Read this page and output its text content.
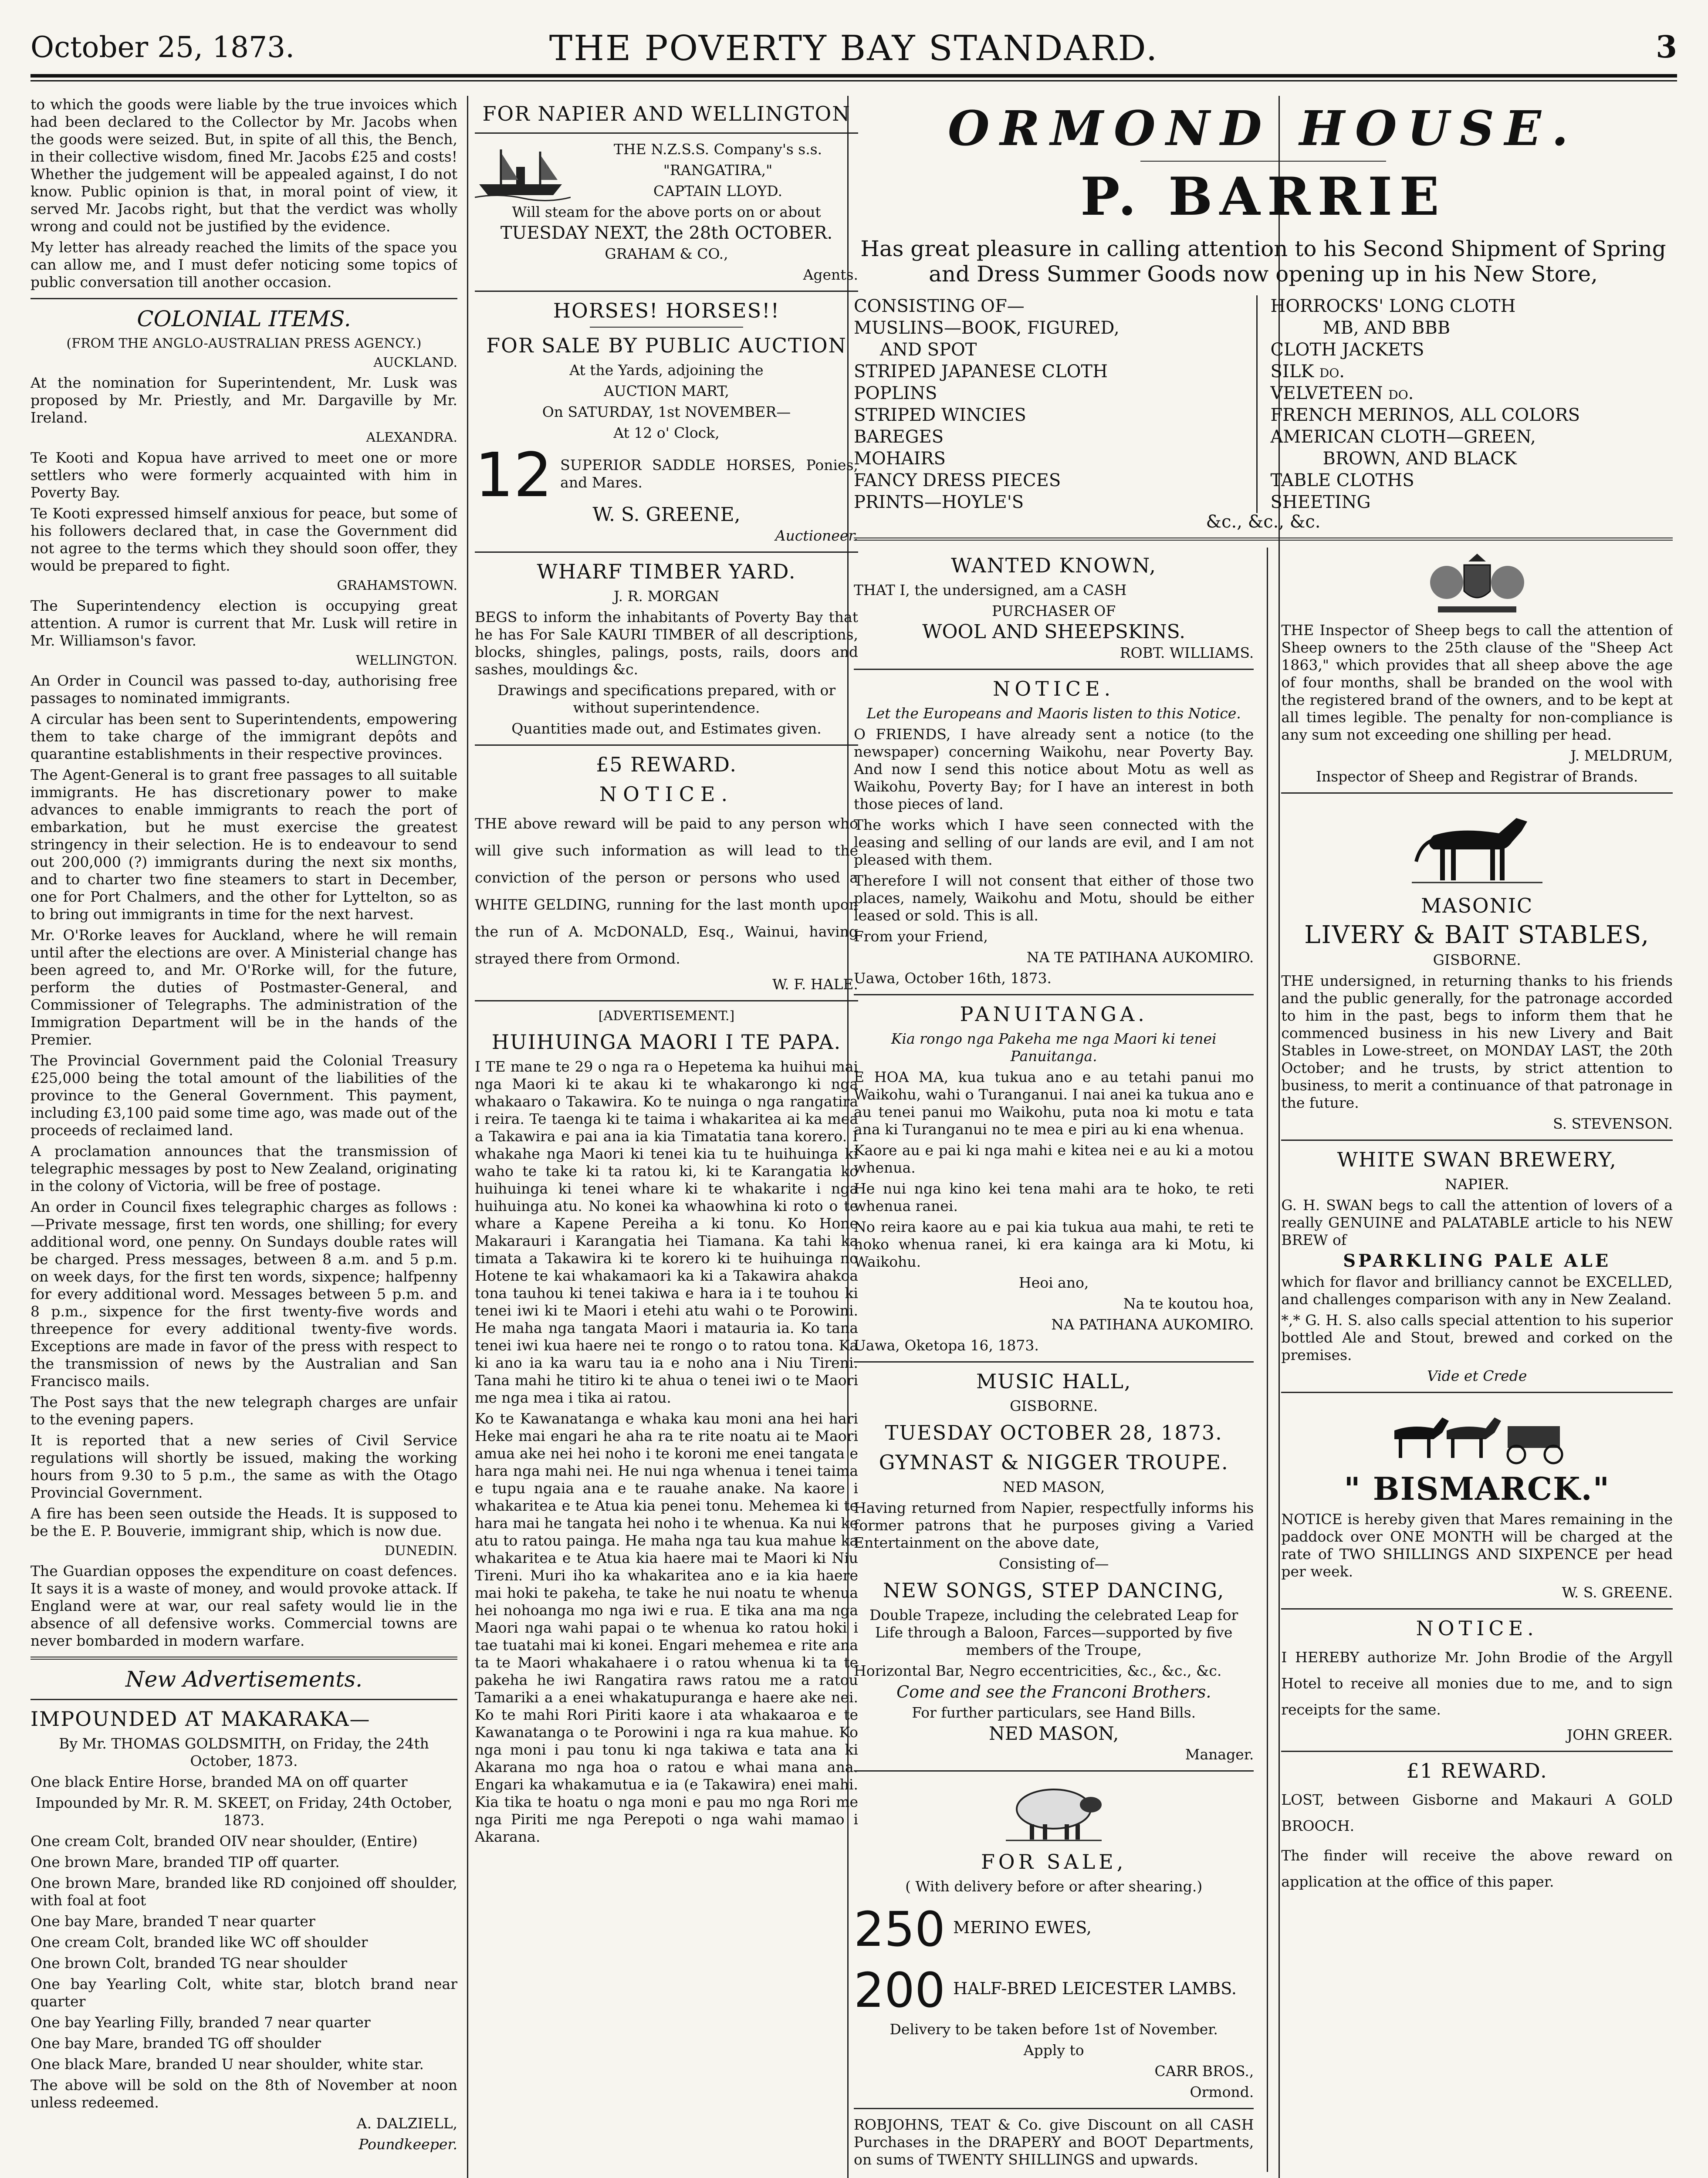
October 25, 1873.	THE POVERTY BAY STANDARD.	3

to which the goods were liable by the true invoices which had been declared to the Collector by Mr. Jacobs when the goods were seized. But, in spite of all this, the Bench, in their collective wisdom, fined Mr. Jacobs £25 and costs! Whether the judgement will be appealed against, I do not know. Public opinion is that, in moral point of view, it served Mr. Jacobs right, but that the verdict was wholly wrong and could not be justified by the evidence.

My letter has already reached the limits of the space you can allow me, and I must defer noticing some topics of public conversation till another occasion.

COLONIAL ITEMS.

(FROM THE ANGLO-AUSTRALIAN PRESS AGENCY.)

AUCKLAND.

At the nomination for Superintendent, Mr. Lusk was proposed by Mr. Priestly, and Mr. Dargaville by Mr. Ireland.

ALEXANDRA.

Te Kooti and Kopua have arrived to meet one or more settlers who were formerly acquainted with him in Poverty Bay.

Te Kooti expressed himself anxious for peace, but some of his followers declared that, in case the Government did not agree to the terms which they should soon offer, they would be prepared to fight.

GRAHAMSTOWN.

The Superintendency election is occupying great attention. A rumor is current that Mr. Lusk will retire in Mr. Williamson's favor.

WELLINGTON.

An Order in Council was passed to-day, authorising free passages to nominated immigrants.

A circular has been sent to Superintendents, empowering them to take charge of the immigrant depôts and quarantine establishments in their respective provinces.

The Agent-General is to grant free passages to all suitable immigrants. He has discretionary power to make advances to enable immigrants to reach the port of embarkation, but he must exercise the greatest stringency in their selection. He is to endeavour to send out 200,000 (?) immigrants during the next six months, and to charter two fine steamers to start in December, one for Port Chalmers, and the other for Lyttelton, so as to bring out immigrants in time for the next harvest.

Mr. O'Rorke leaves for Auckland, where he will remain until after the elections are over. A Ministerial change has been agreed to, and Mr. O'Rorke will, for the future, perform the duties of Postmaster-General, and Commissioner of Telegraphs. The administration of the Immigration Department will be in the hands of the Premier.

The Provincial Government paid the Colonial Treasury £25,000 being the total amount of the liabilities of the province to the General Government. This payment, including £3,100 paid some time ago, was made out of the proceeds of reclaimed land.

A proclamation announces that the transmission of telegraphic messages by post to New Zealand, originating in the colony of Victoria, will be free of postage.

An order in Council fixes telegraphic charges as follows :—Private message, first ten words, one shilling; for every additional word, one penny. On Sundays double rates will be charged. Press messages, between 8 a.m. and 5 p.m. on week days, for the first ten words, sixpence; halfpenny for every additional word. Messages between 5 p.m. and 8 p.m., sixpence for the first twenty-five words and threepence for every additional twenty-five words. Exceptions are made in favor of the press with respect to the transmission of news by the Australian and San Francisco mails.

The Post says that the new telegraph charges are unfair to the evening papers.

It is reported that a new series of Civil Service regulations will shortly be issued, making the working hours from 9.30 to 5 p.m., the same as with the Otago Provincial Government.

A fire has been seen outside the Heads. It is supposed to be the E. P. Bouverie, immigrant ship, which is now due.

DUNEDIN.

The Guardian opposes the expenditure on coast defences. It says it is a waste of money, and would provoke attack. If England were at war, our real safety would lie in the absence of all defensive works. Commercial towns are never bombarded in modern warfare.

New Advertisements.
IMPOUNDED AT MAKARAKA—

By Mr. THOMAS GOLDSMITH, on Friday, the 24th October, 1873.

One black Entire Horse, branded MA on off quarter

Impounded by Mr. R. M. SKEET, on Friday, 24th October, 1873.

One cream Colt, branded OIV near shoulder, (Entire)

One brown Mare, branded TIP off quarter.

One brown Mare, branded like RD conjoined off shoulder, with foal at foot

One bay Mare, branded T near quarter

One cream Colt, branded like WC off shoulder

One brown Colt, branded TG near shoulder

One bay Yearling Colt, white star, blotch brand near quarter

One bay Yearling Filly, branded 7 near quarter

One bay Mare, branded TG off shoulder

One black Mare, branded U near shoulder, white star.

The above will be sold on the 8th of November at noon unless redeemed.

A. DALZIELL,

Poundkeeper.

FOR NAPIER AND WELLINGTON

THE N.Z.S.S. Company's s.s.

"RANGATIRA,"

CAPTAIN LLOYD.

Will steam for the above ports on or about

TUESDAY NEXT, the 28th OCTOBER.

GRAHAM & CO.,

Agents.

HORSES! HORSES!!
FOR SALE BY PUBLIC AUCTION

At the Yards, adjoining the

AUCTION MART,

On SATURDAY, 1st NOVEMBER—

At 12 o' Clock,

12 SUPERIOR SADDLE HORSES, Ponies, and Mares.

W. S. GREENE,

Auctioneer.

WHARF TIMBER YARD.

J. R. MORGAN

BEGS to inform the inhabitants of Poverty Bay that he has For Sale KAURI TIMBER of all descriptions, blocks, shingles, palings, posts, rails, doors and sashes, mouldings &c.

Drawings and specifications prepared, with or without superintendence.

Quantities made out, and Estimates given.

£5 REWARD.
NOTICE.

THE above reward will be paid to any person who will give such information as will lead to the conviction of the person or persons who used a WHITE GELDING, running for the last month upon the run of A. McDONALD, Esq., Wainui, having strayed there from Ormond.

W. F. HALE.

[ADVERTISEMENT.]

HUIHUINGA MAORI I TE PAPA.

I TE mane te 29 o nga ra o Hepetema ka huihui mai nga Maori ki te akau ki te whakarongo ki nga whakaaro o Takawira. Ko te nuinga o nga rangatira i reira. Te taenga ki te taima i whakaritea ai ka mea a Takawira e pai ana ia kia Timatatia tana korero. I whakahe nga Maori ki tenei kia tu te huihuinga ki waho te take ki ta ratou ki, ki te Karangatia ko huihuinga ki tenei whare ki te whakarite i nga huihuinga atu. No konei ka whaowhina ki roto o te whare a Kapene Pereiha a ki tonu. Ko Hone Makarauri i Karangatia hei Tiamana. Ka tahi ka timata a Takawira ki te korero ki te huihuinga no Hotene te kai whakamaori ka ki a Takawira ahakoa tona tauhou ki tenei takiwa e hara ia i te touhou ki tenei iwi ki te Maori i etehi atu wahi o te Porowini. He maha nga tangata Maori i matauria ia. Ko tana tenei iwi kua haere nei te rongo o to ratou tona. Ka ki ano ia ka waru tau ia e noho ana i Niu Tireni. Tana mahi he titiro ki te ahua o tenei iwi o te Maori me nga mea i tika ai ratou.

Ko te Kawanatanga e whaka kau moni ana hei hari Heke mai engari he aha ra te rite noatu ai te Maori amua ake nei hei noho i te koroni me enei tangata e hara nga mahi nei. He nui nga whenua i tenei taima e tupu ngaia ana e te rauahe anake. Na kaore i whakaritea e te Atua kia penei tonu. Mehemea ki te hara mai he tangata hei noho i te whenua. Ka nui ke atu to ratou painga. He maha nga tau kua mahue ka whakaritea e te Atua kia haere mai te Maori ki Niu Tireni. Muri iho ka whakaritea ano e ia kia haere mai hoki te pakeha, te take he nui noatu te whenua hei nohoanga mo nga iwi e rua. E tika ana ma nga Maori nga wahi papai o te whenua ko ratou hoki i tae tuatahi mai ki konei. Engari mehemea e rite ana ta te Maori whakahaere i o ratou whenua ki ta te pakeha he iwi Rangatira raws ratou me a ratou Tamariki a a enei whakatupuranga e haere ake nei. Ko te mahi Rori Piriti kaore i ata whakaaroa e te Kawanatanga o te Porowini i nga ra kua mahue. Ko nga moni i pau tonu ki nga takiwa e tata ana ki Akarana mo nga hoa o ratou e whai mana ana. Engari ka whakamutua e ia (e Takawira) enei mahi. Kia tika te hoatu o nga moni e pau mo nga Rori me nga Piriti me nga Perepoti o nga wahi mamao i Akarana.

ORMOND HOUSE.
P. BARRIE
Has great pleasure in calling attention to his Second Shipment of Spring and Dress Summer Goods now opening up in his New Store,

CONSISTING OF—

MUSLINS—BOOK, FIGURED,

AND SPOT

STRIPED JAPANESE CLOTH

POPLINS

STRIPED WINCIES

BAREGES

MOHAIRS

FANCY DRESS PIECES

PRINTS—HOYLE'S

HORROCKS' LONG CLOTH

MB, AND BBB

CLOTH JACKETS

SILK do.

VELVETEEN do.

FRENCH MERINOS, ALL COLORS

AMERICAN CLOTH—GREEN,

BROWN, AND BLACK

TABLE CLOTHS

SHEETING

&c., &c., &c.

WANTED KNOWN,

THAT I, the undersigned, am a CASH

PURCHASER OF

WOOL AND SHEEPSKINS.

ROBT. WILLIAMS.

NOTICE.

Let the Europeans and Maoris listen to this Notice.

O FRIENDS, I have already sent a notice (to the newspaper) concerning Waikohu, near Poverty Bay. And now I send this notice about Motu as well as Waikohu, Poverty Bay; for I have an interest in both those pieces of land.

The works which I have seen connected with the leasing and selling of our lands are evil, and I am not pleased with them.

Therefore I will not consent that either of those two places, namely, Waikohu and Motu, should be either leased or sold. This is all.

From your Friend,

NA TE PATIHANA AUKOMIRO.

Uawa, October 16th, 1873.

PANUITANGA.

Kia rongo nga Pakeha me nga Maori ki tenei Panuitanga.

E HOA MA, kua tukua ano e au tetahi panui mo Waikohu, wahi o Turanganui. I nai anei ka tukua ano e au tenei panui mo Waikohu, puta noa ki motu e tata ana ki Turanganui no te mea e piri au ki ena whenua.

Kaore au e pai ki nga mahi e kitea nei e au ki a motou whenua.

He nui nga kino kei tena mahi ara te hoko, te reti whenua ranei.

No reira kaore au e pai kia tukua aua mahi, te reti te hoko whenua ranei, ki era kainga ara ki Motu, ki Waikohu.

Heoi ano,

Na te koutou hoa,

NA PATIHANA AUKOMIRO.

Uawa, Oketopa 16, 1873.

MUSIC HALL,

GISBORNE.

TUESDAY OCTOBER 28, 1873.
GYMNAST & NIGGER TROUPE.

NED MASON,

Having returned from Napier, respectfully informs his former patrons that he purposes giving a Varied Entertainment on the above date,

Consisting of—

NEW SONGS, STEP DANCING,

Double Trapeze, including the celebrated Leap for Life through a Baloon, Farces—supported by five members of the Troupe,

Horizontal Bar, Negro eccentricities, &c., &c., &c.

Come and see the Franconi Brothers.

For further particulars, see Hand Bills.

NED MASON,

Manager.

FOR SALE,

( With delivery before or after shearing.)

250 MERINO EWES,

200 HALF-BRED LEICESTER LAMBS.

Delivery to be taken before 1st of November.

Apply to

CARR BROS.,

Ormond.

ROBJOHNS, TEAT & Co. give Discount on all CASH Purchases in the DRAPERY and BOOT Departments, on sums of TWENTY SHILLINGS and upwards.

THE Inspector of Sheep begs to call the attention of Sheep owners to the 25th clause of the "Sheep Act 1863," which provides that all sheep above the age of four months, shall be branded on the wool with the registered brand of the owners, and to be kept at all times legible. The penalty for non-compliance is any sum not exceeding one shilling per head.

J. MELDRUM,

Inspector of Sheep and Registrar of Brands.

MASONIC
LIVERY & BAIT STABLES,

GISBORNE.

THE undersigned, in returning thanks to his friends and the public generally, for the patronage accorded to him in the past, begs to inform them that he commenced business in his new Livery and Bait Stables in Lowe-street, on MONDAY LAST, the 20th October; and he trusts, by strict attention to business, to merit a continuance of that patronage in the future.

S. STEVENSON.

WHITE SWAN BREWERY,

NAPIER.

G. H. SWAN begs to call the attention of lovers of a really GENUINE and PALATABLE article to his NEW BREW of

SPARKLING PALE ALE

which for flavor and brilliancy cannot be EXCELLED, and challenges comparison with any in New Zealand.

*,* G. H. S. also calls special attention to his superior bottled Ale and Stout, brewed and corked on the premises.

Vide et Crede

" BISMARCK."

NOTICE is hereby given that Mares remaining in the paddock over ONE MONTH will be charged at the rate of TWO SHILLINGS AND SIXPENCE per head per week.

W. S. GREENE.

NOTICE.

I HEREBY authorize Mr. John Brodie of the Argyll Hotel to receive all monies due to me, and to sign receipts for the same.

JOHN GREER.

£1 REWARD.

LOST, between Gisborne and Makauri A GOLD BROOCH.

The finder will receive the above reward on application at the office of this paper.
